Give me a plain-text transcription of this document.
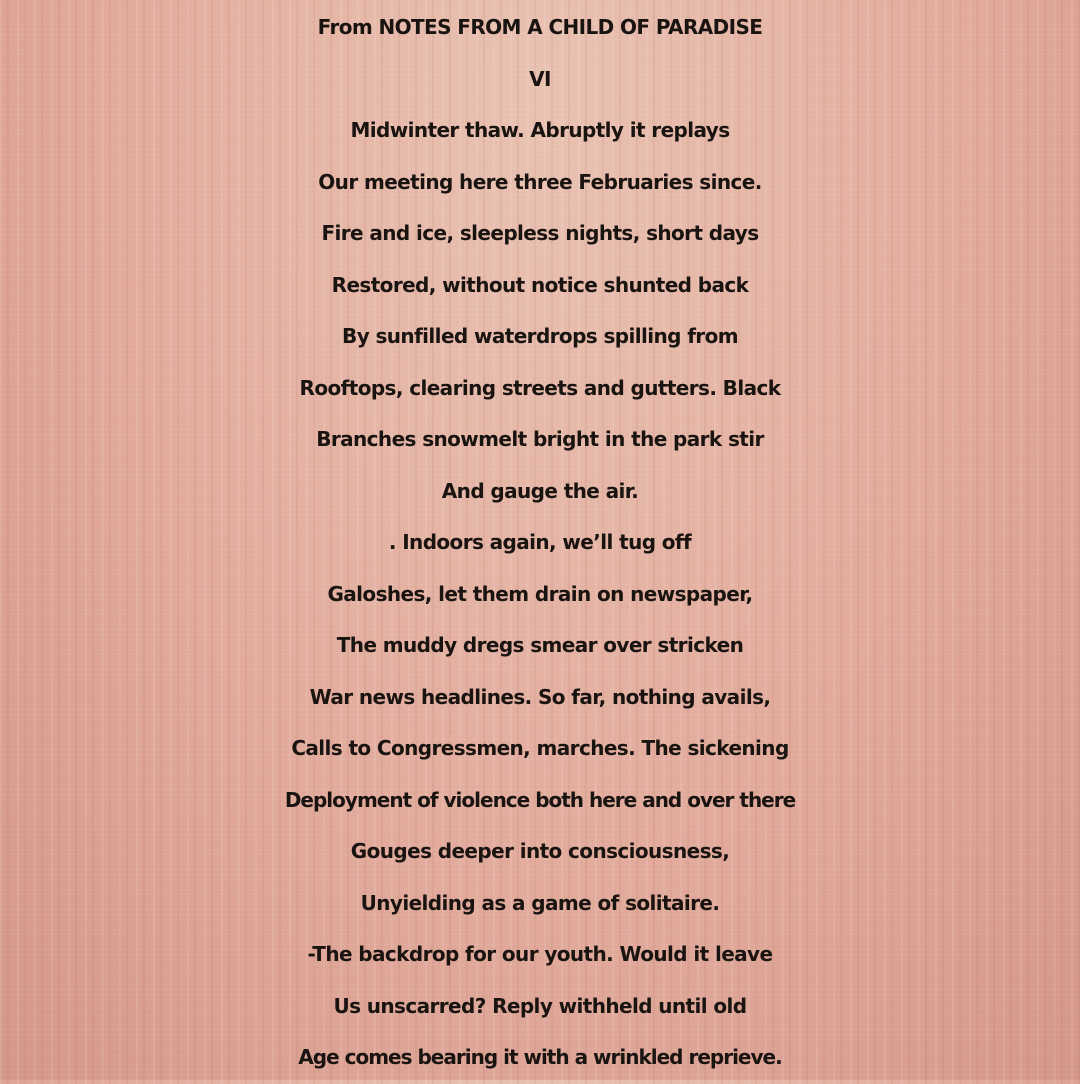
From NOTES FROM A CHILD OF PARADISE
VI
Midwinter thaw. Abruptly it replays
Our meeting here three Februaries since.
Fire and ice, sleepless nights, short days
Restored, without notice shunted back
By sunfilled waterdrops spilling from
Rooftops, clearing streets and gutters. Black
Branches snowmelt bright in the park stir
And gauge the air.
. Indoors again, we’ll tug off
Galoshes, let them drain on newspaper,
The muddy dregs smear over stricken
War news headlines. So far, nothing avails,
Calls to Congressmen, marches. The sickening
Deployment of violence both here and over there
Gouges deeper into consciousness,
Unyielding as a game of solitaire.
-The backdrop for our youth. Would it leave
Us unscarred? Reply withheld until old
Age comes bearing it with a wrinkled reprieve.
